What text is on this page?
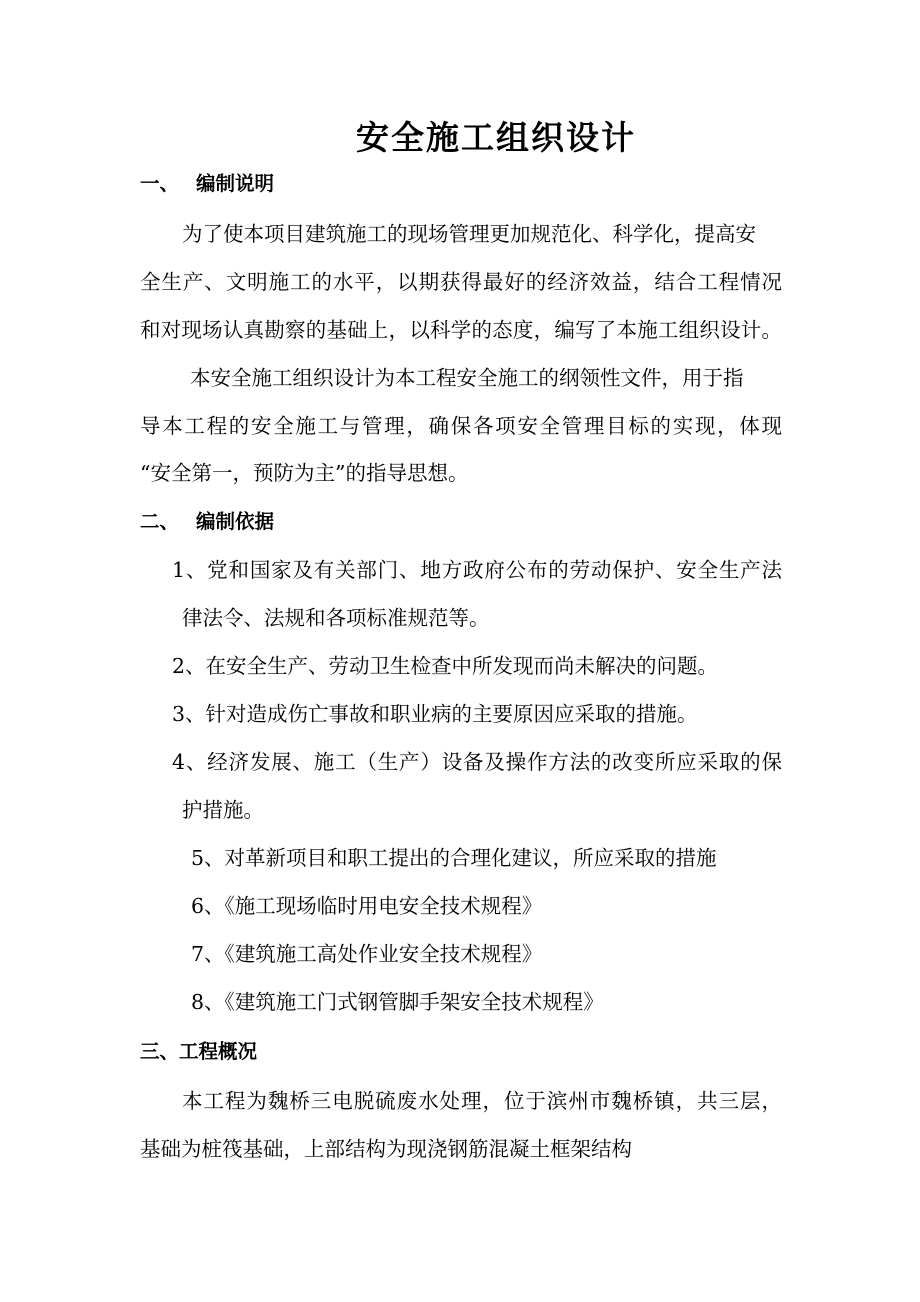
安全施工组织设计
一、 编制说明
为了使本项目建筑施工的现场管理更加规范化、科学化，提高安
全生产、文明施工的水平，以期获得最好的经济效益，结合工程情况
和对现场认真勘察的基础上，以科学的态度，编写了本施工组织设计。
本安全施工组织设计为本工程安全施工的纲领性文件，用于指
导本工程的安全施工与管理，确保各项安全管理目标的实现，体现
“安全第一，预防为主”的指导思想。
二、 编制依据
1、党和国家及有关部门、地方政府公布的劳动保护、安全生产法
律法令、法规和各项标准规范等。
2、在安全生产、劳动卫生检查中所发现而尚未解决的问题。
3、针对造成伤亡事故和职业病的主要原因应采取的措施。
4、经济发展、施工（生产）设备及操作方法的改变所应采取的保
护措施。
5、对革新项目和职工提出的合理化建议，所应采取的措施
6、《施工现场临时用电安全技术规程》
7、《建筑施工高处作业安全技术规程》
8、《建筑施工门式钢管脚手架安全技术规程》
三、工程概况
本工程为魏桥三电脱硫废水处理，位于滨州市魏桥镇，共三层，
基础为桩筏基础，上部结构为现浇钢筋混凝土框架结构
